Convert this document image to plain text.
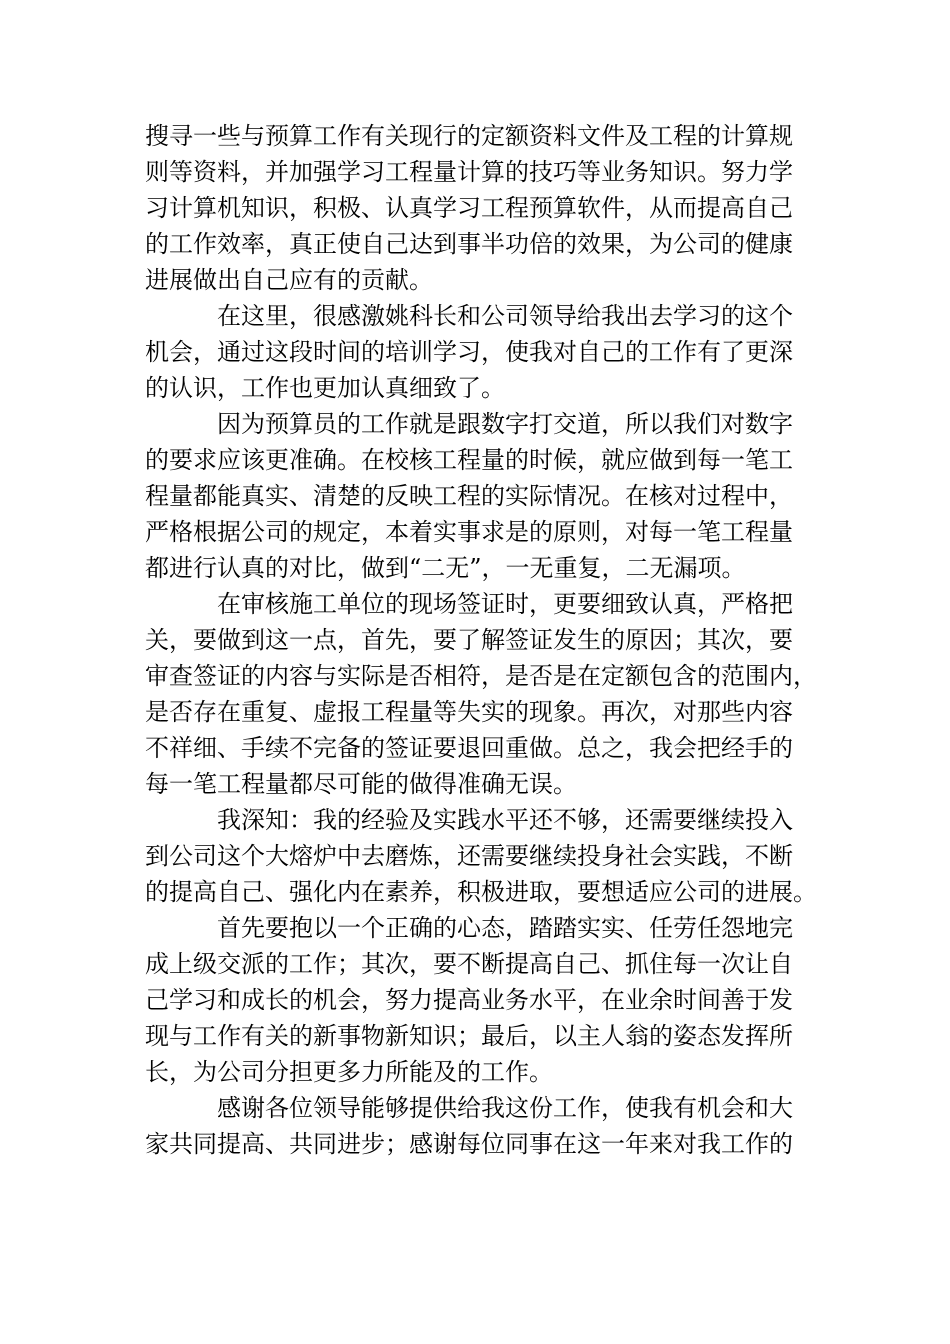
搜寻一些与预算工作有关现行的定额资料文件及工程的计算规
则等资料，并加强学习工程量计算的技巧等业务知识。努力学
习计算机知识，积极、认真学习工程预算软件，从而提高自己
的工作效率，真正使自己达到事半功倍的效果，为公司的健康
进展做出自己应有的贡献。
在这里，很感激姚科长和公司领导给我出去学习的这个
机会，通过这段时间的培训学习，使我对自己的工作有了更深
的认识，工作也更加认真细致了。
因为预算员的工作就是跟数字打交道，所以我们对数字
的要求应该更准确。在校核工程量的时候，就应做到每一笔工
程量都能真实、清楚的反映工程的实际情况。在核对过程中，
严格根据公司的规定，本着实事求是的原则，对每一笔工程量
都进行认真的对比，做到“二无”，一无重复，二无漏项。
在审核施工单位的现场签证时，更要细致认真，严格把
关，要做到这一点，首先，要了解签证发生的原因；其次，要
审查签证的内容与实际是否相符，是否是在定额包含的范围内，
是否存在重复、虚报工程量等失实的现象。再次，对那些内容
不祥细、手续不完备的签证要退回重做。总之，我会把经手的
每一笔工程量都尽可能的做得准确无误。
我深知：我的经验及实践水平还不够，还需要继续投入
到公司这个大熔炉中去磨炼，还需要继续投身社会实践，不断
的提高自己、强化内在素养，积极进取，要想适应公司的进展。
首先要抱以一个正确的心态，踏踏实实、任劳任怨地完
成上级交派的工作；其次，要不断提高自己、抓住每一次让自
己学习和成长的机会，努力提高业务水平，在业余时间善于发
现与工作有关的新事物新知识；最后，以主人翁的姿态发挥所
长，为公司分担更多力所能及的工作。
感谢各位领导能够提供给我这份工作，使我有机会和大
家共同提高、共同进步；感谢每位同事在这一年来对我工作的
